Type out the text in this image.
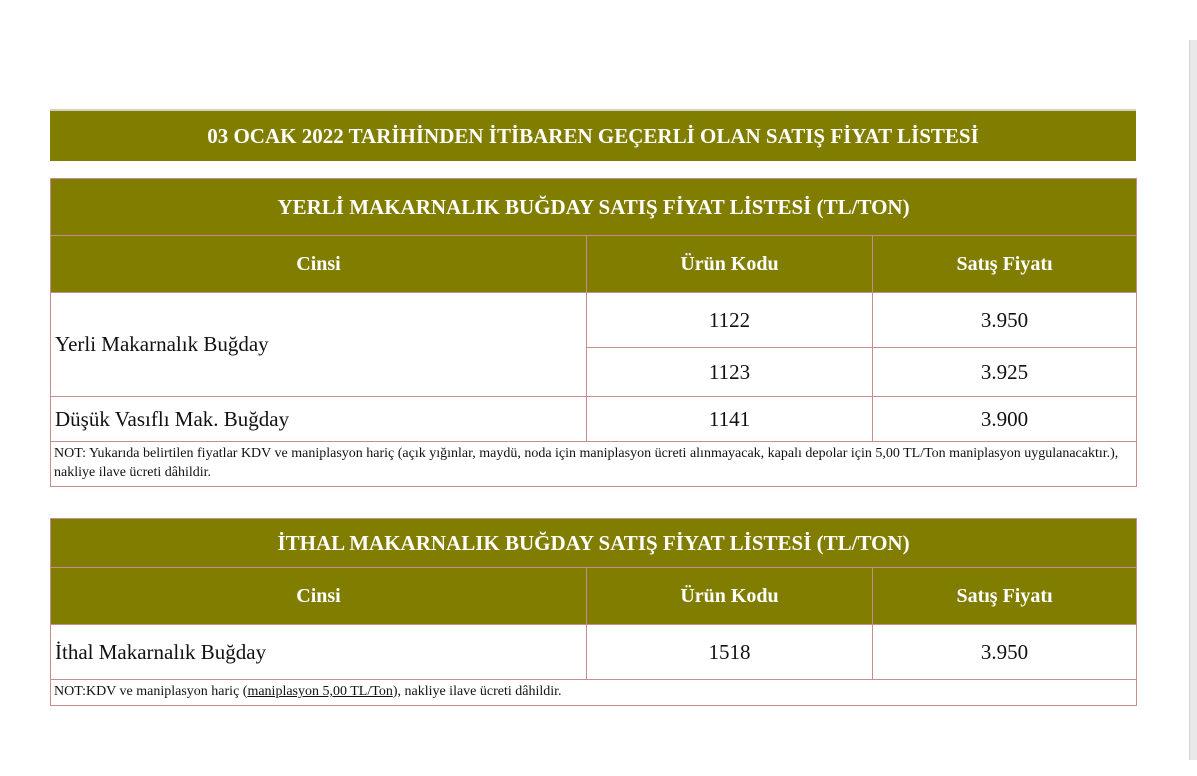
03 OCAK 2022 TARİHİNDEN İTİBAREN GEÇERLİ OLAN SATIŞ FİYAT LİSTESİ
YERLİ MAKARNALIK BUĞDAY SATIŞ FİYAT LİSTESİ (TL/TON)		
Cinsi	Ürün Kodu	Satış Fiyatı
Yerli Makarnalık Buğday	1122	3.950
	1123	3.925
Düşük Vasıflı Mak. Buğday	1141	3.900
NOT: Yukarıda belirtilen fiyatlar KDV ve maniplasyon hariç (açık yığınlar, maydü, noda için maniplasyon ücreti alınmayacak, kapalı depolar için 5,00 TL/Ton maniplasyon uygulanacaktır.), nakliye ilave ücreti dâhildir.		
İTHAL MAKARNALIK BUĞDAY SATIŞ FİYAT LİSTESİ (TL/TON)		
Cinsi	Ürün Kodu	Satış Fiyatı
İthal Makarnalık Buğday	1518	3.950
NOT:KDV ve maniplasyon hariç (maniplasyon 5,00 TL/Ton), nakliye ilave ücreti dâhildir.		
